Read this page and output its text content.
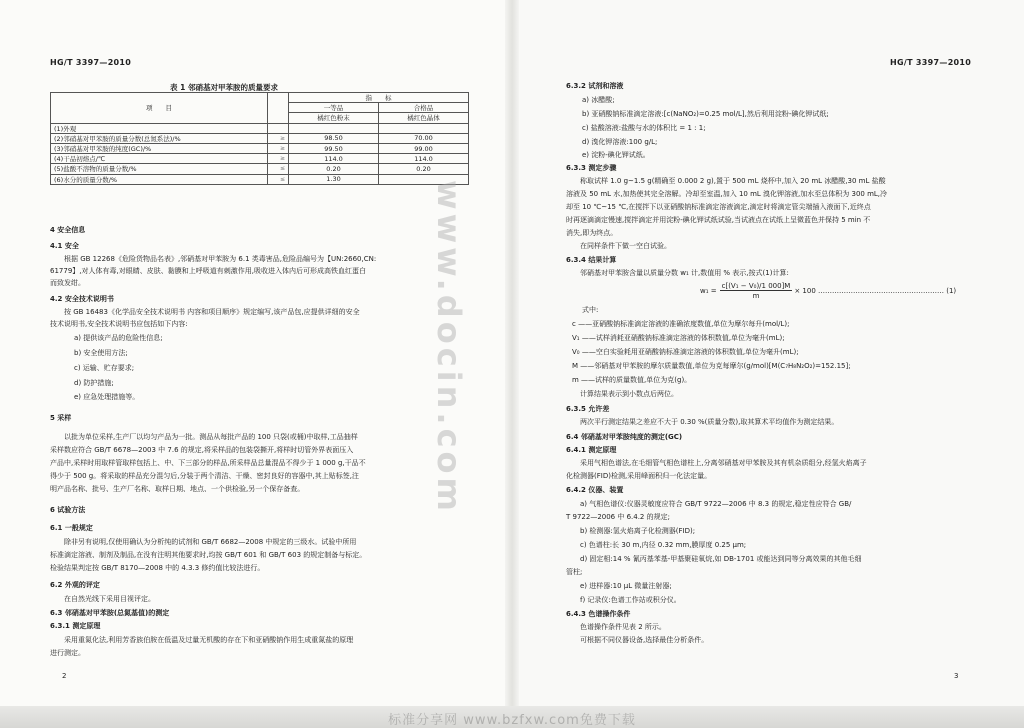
HG/T 3397—2010
表 1 邻硝基对甲苯胺的质量要求
项　　目		指　　标	
		一等品	合格品
		橘红色粉末	橘红色晶体
(1)外观			
(2)邻硝基对甲苯胺的质量分数(总氮系法)/%	≥	98.50	70.00
(3)邻硝基对甲苯胺的纯度(GC)/%	≥	99.50	99.00
(4)干品初熔点/℃	≥	114.0	114.0
(5)盐酸不溶物的质量分数/%	≤	0.20	0.20
(6)水分的质量分数/%	≤	1.30	
4 安全信息
4.1 安全
根据 GB 12268《危险货物品名表》,邻硝基对甲苯胺为 6.1 类毒害品,危险品编号为【UN:2660,CN:
61779】,对人体有毒,对眼睛、皮肤、黏膜和上呼吸道有刺激作用,吸收进入体内后可形成高铁血红蛋白
而致发绀。
4.2 安全技术说明书
按 GB 16483《化学品安全技术说明书 内容和项目顺序》规定编写,该产品包,应提供详细的安全
技术说明书,安全技术说明书应包括如下内容:
a) 提供该产品的危险性信息;
b) 安全使用方法;
c) 运输、贮存要求;
d) 防护措施;
e) 应急处理措施等。
5 采样
以批为单位采样,生产厂以均匀产品为一批。测品从每批产品的 100 只袋(或桶)中取样,工品抽样
采样数应符合 GB/T 6678—2003 中 7.6 的规定,将采样品的包装袋撕开,将样时切管外界表面压入
产品中,采样时用取样管取样包括上、中、下三部分的样品,所采样品总量混品不得少于 1 000 g,干品不
得少于 500 g。将采取的样品充分混匀后,分装于两个清洁、干燥、密封良好的容器中,其上贴标签,注
明产品名称、批号、生产厂名称、取样日期、地点、一个供检验,另一个保存备查。
6 试验方法
6.1 一般规定
除非另有说明,仅使用确认为分析纯的试剂和 GB/T 6682—2008 中规定的三级水。试验中所用
标准滴定溶液、制剂及制品,在没有注明其他要求时,均按 GB/T 601 和 GB/T 603 的规定制备与标定。
检验结果判定按 GB/T 8170—2008 中的 4.3.3 修约值比较法进行。
6.2 外观的评定
在自然光线下采用目视评定。
6.3 邻硝基对甲苯胺(总氮基值)的测定
6.3.1 测定原理
采用重氮化法,利用芳香族伯胺在低温及过量无机酸的存在下和亚硝酸钠作用生成重氮盐的原理
进行测定。
2
www.docin.com
HG/T 3397—2010
6.3.2 试剂和溶液
a) 冰醋酸;
b) 亚硝酸钠标准滴定溶液:[c(NaNO₂)=0.25 mol/L],然后利用淀粉-碘化钾试纸;
c) 盐酸溶液:盐酸与水的体积比 = 1 : 1;
d) 溴化钾溶液:100 g/L;
e) 淀粉-碘化钾试纸。
6.3.3 测定步骤
称取试样 1.0 g~1.5 g(精确至 0.000 2 g),置于 500 mL 烧杯中,加入 20 mL 冰醋酸,30 mL 盐酸
溶液及 50 mL 水,加热使其完全溶解。冷却至室温,加入 10 mL 溴化钾溶液,加水至总体积为 300 mL,冷
却至 10 ℃~15 ℃,在搅拌下以亚硝酸钠标准滴定溶液滴定,滴定时将滴定管尖端插入液面下,近终点
时再逐滴滴定慢速,搅拌滴定并用淀粉-碘化钾试纸试验,当试液点在试纸上呈微蓝色并保持 5 min 不
消失,即为终点。
在同样条件下做一空白试验。
6.3.4 结果计算
邻硝基对甲苯胺含量以质量分数 w₁ 计,数值用 % 表示,按式(1)计算:
$w_1 = \frac{\text{c[(V₁ − V₀)/1 000]M}}{m} \times 100$ ……………………………………………… (1)
式中:
c ——亚硝酸钠标准滴定溶液的准确浓度数值,单位为摩尔每升(mol/L);
V₁ ——试样消耗亚硝酸钠标准滴定溶液的体积数值,单位为毫升(mL);
V₀ ——空白实验耗用亚硝酸钠标准滴定溶液的体积数值,单位为毫升(mL);
M ——邻硝基对甲苯胺的摩尔质量数值,单位为克每摩尔(g/mol)[M(C₇H₈N₂O₂)=152.15];
m ——试样的质量数值,单位为克(g)。
计算结果表示到小数点后两位。
6.3.5 允许差
两次平行测定结果之差应不大于 0.30 %(质量分数),取其算术平均值作为测定结果。
6.4 邻硝基对甲苯胺纯度的测定(GC)
6.4.1 测定原理
采用气相色谱法,在毛细管气相色谱柱上,分离邻硝基对甲苯胺及其有机杂质组分,经氢火焰离子
化检测器(FID)检测,采用峰面积归一化法定量。
6.4.2 仪器、装置
a) 气相色谱仪:仪器灵敏度应符合 GB/T 9722—2006 中 8.3 的规定,稳定性应符合 GB/
T 9722—2006 中 6.4.2 的规定;
b) 检测器:氢火焰离子化检测器(FID);
c) 色谱柱:长 30 m,内径 0.32 mm,膜厚度 0.25 μm;
d) 固定相:14 % 氰丙基苯基-甲基聚硅氧烷,如 DB-1701 或能达到同等分离效果的其他毛细
管柱;
e) 进样器:10 μL 微量注射器;
f) 记录仪:色谱工作站或积分仪。
6.4.3 色谱操作条件
色谱操作条件见表 2 所示。
可根据不同仪器设备,选择最佳分析条件。
3
标准分享网 www.bzfxw.com免费下载
